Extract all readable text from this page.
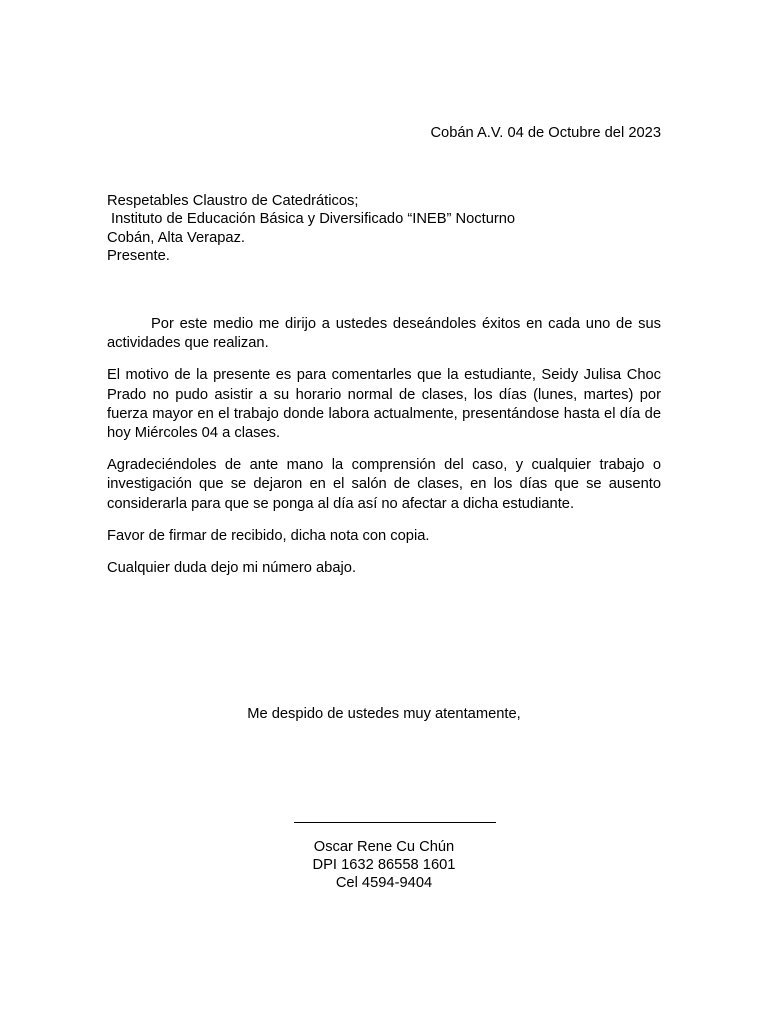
Cobán A.V. 04 de Octubre del 2023
Respetables Claustro de Catedráticos;
Instituto de Educación Básica y Diversificado “INEB” Nocturno
Cobán, Alta Verapaz.
Presente.

Por este medio me dirijo a ustedes deseándoles éxitos en cada uno de sus actividades que realizan.

El motivo de la presente es para comentarles que la estudiante, Seidy Julisa Choc Prado no pudo asistir a su horario normal de clases, los días (lunes, martes) por fuerza mayor en el trabajo donde labora actualmente, presentándose hasta el día de hoy Miércoles 04 a clases.

Agradeciéndoles de ante mano la comprensión del caso, y cualquier trabajo o investigación que se dejaron en el salón de clases, en los días que se ausento considerarla para que se ponga al día así no afectar a dicha estudiante.

Favor de firmar de recibido, dicha nota con copia.

Cualquier duda dejo mi número abajo.

Me despido de ustedes muy atentamente,
Oscar Rene Cu Chún
DPI 1632 86558 1601
Cel 4594-9404
